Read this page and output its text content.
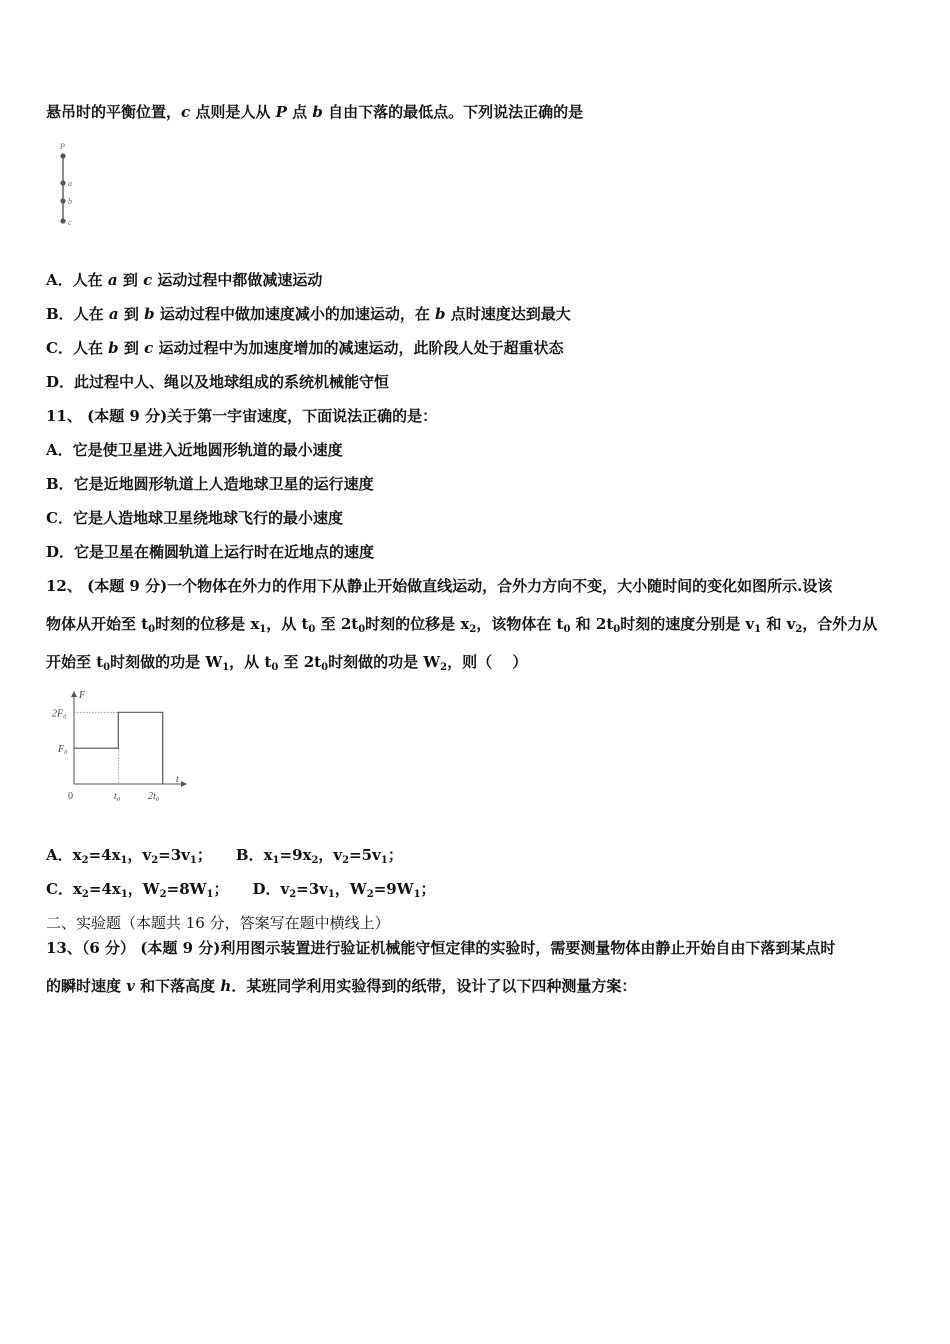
悬吊时的平衡位置，c 点则是人从 P 点 b 自由下落的最低点。下列说法正确的是
P
a
b
c
A．人在 a 到 c 运动过程中都做减速运动
B．人在 a 到 b 运动过程中做加速度减小的加速运动，在 b 点时速度达到最大
C．人在 b 到 c 运动过程中为加速度增加的减速运动，此阶段人处于超重状态
D．此过程中人、绳以及地球组成的系统机械能守恒
11、 (本题 9 分)关于第一宇宙速度，下面说法正确的是：
A．它是使卫星进入近地圆形轨道的最小速度
B．它是近地圆形轨道上人造地球卫星的运行速度
C．它是人造地球卫星绕地球飞行的最小速度
D．它是卫星在椭圆轨道上运行时在近地点的速度
12、 (本题 9 分)一个物体在外力的作用下从静止开始做直线运动，合外力方向不变，大小随时间的变化如图所示.设该
物体从开始至 $t_0$时刻的位移是 $x_1$，从 $t_0$ 至 $2t_0$时刻的位移是 $x_2$，该物体在 $t_0$ 和 $2t_0$时刻的速度分别是 $v_1$ 和 $v_2$，合外力从
开始至 $t_0$时刻做的功是 $W_1$，从 $t_0$ 至 $2t_0$时刻做的功是 $W_2$，则（　 ）
F
t
2F₀
F₀
0	t₀	2t₀
A．$x_2=4x_1$，$v_2=3v_1$； B．$x_1=9x_2$，$v_2=5v_1$；
C．$x_2=4x_1$，$W_2=8W_1$； D．$v_2=3v_1$，$W_2=9W_1$；
二、实验题（本题共 16 分，答案写在题中横线上）
13、（6 分） (本题 9 分)利用图示装置进行验证机械能守恒定律的实验时，需要测量物体由静止开始自由下落到某点时
的瞬时速度 v 和下落高度 h．某班同学利用实验得到的纸带，设计了以下四种测量方案：
